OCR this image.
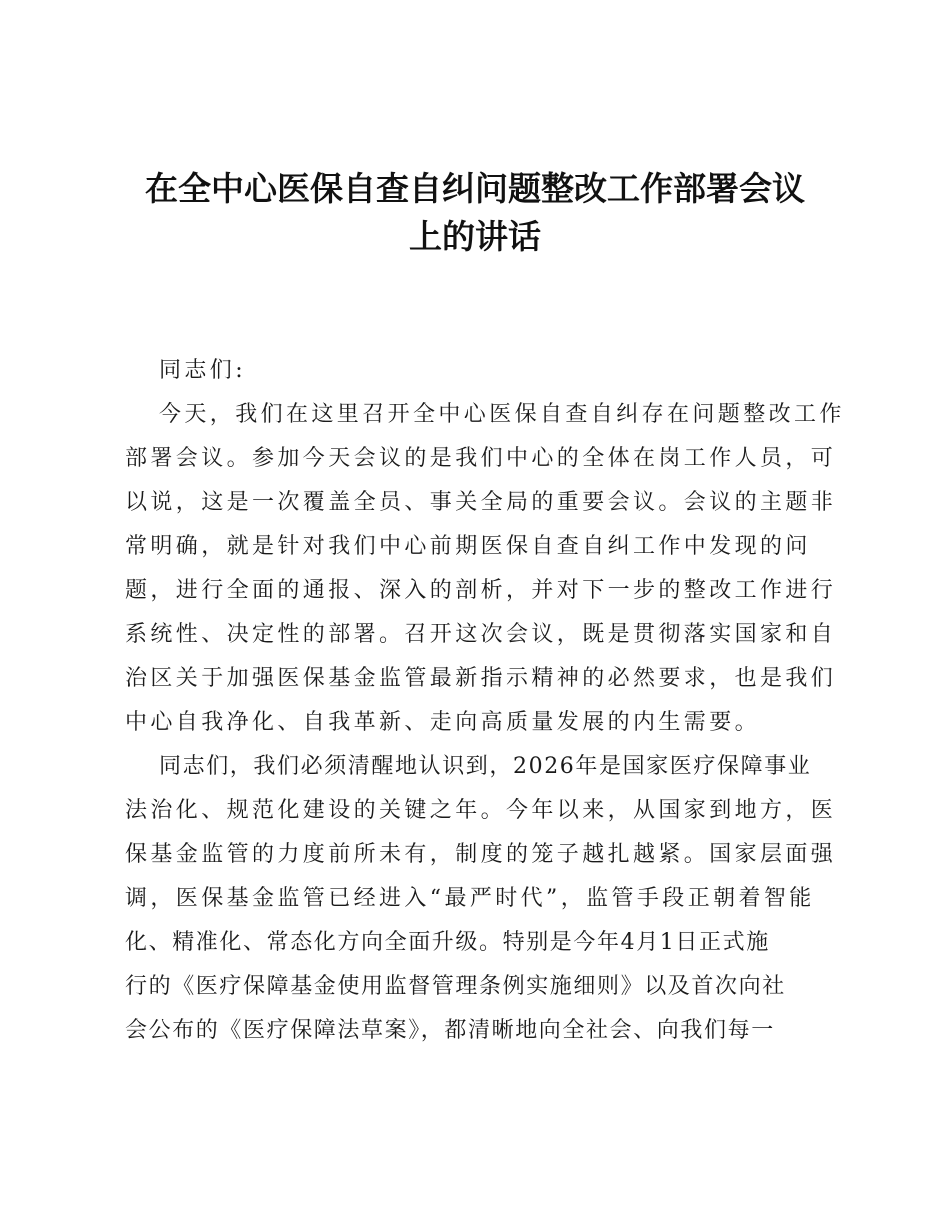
在全中心医保自查自纠问题整改工作部署会议
上的讲话
同志们:
今天，我们在这里召开全中心医保自查自纠存在问题整改工作
部署会议。参加今天会议的是我们中心的全体在岗工作人员，可
以说，这是一次覆盖全员、事关全局的重要会议。会议的主题非
常明确，就是针对我们中心前期医保自查自纠工作中发现的问
题，进行全面的通报、深入的剖析，并对下一步的整改工作进行
系统性、决定性的部署。召开这次会议，既是贯彻落实国家和自
治区关于加强医保基金监管最新指示精神的必然要求，也是我们
中心自我净化、自我革新、走向高质量发展的内生需要。
同志们，我们必须清醒地认识到，2026年是国家医疗保障事业
法治化、规范化建设的关键之年。今年以来，从国家到地方，医
保基金监管的力度前所未有，制度的笼子越扎越紧。国家层面强
调，医保基金监管已经进入“最严时代”，监管手段正朝着智能
化、精准化、常态化方向全面升级。特别是今年4月1日正式施
行的《医疗保障基金使用监督管理条例实施细则》以及首次向社
会公布的《医疗保障法草案》，都清晰地向全社会、向我们每一
